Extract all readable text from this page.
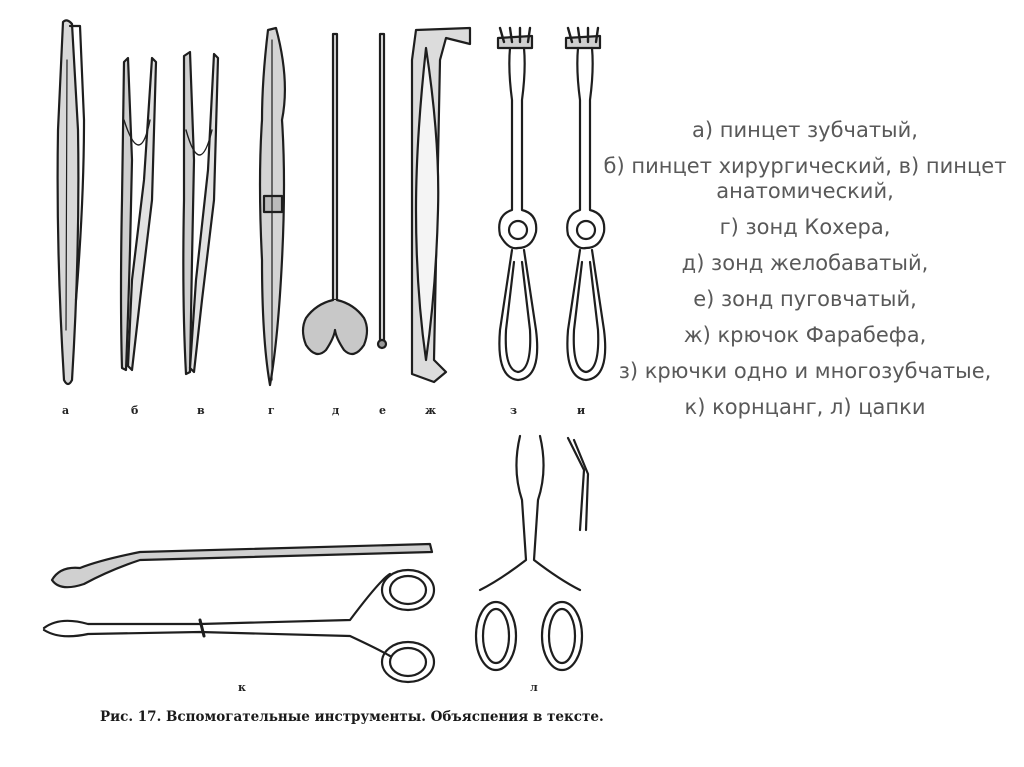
а	б	в	г	д	е	ж	з	и
к	л
Рис. 17. Вспомогательные инструменты. Объяспения в тексте.

а) пинцет зубчатый,

б) пинцет хирургический, в) пинцет анатомический,

г) зонд Кохера,

д) зонд желобаватый,

е) зонд пуговчатый,

ж) крючок Фарабефа,

з) крючки одно и многозубчатые,

к) корнцанг, л) цапки
